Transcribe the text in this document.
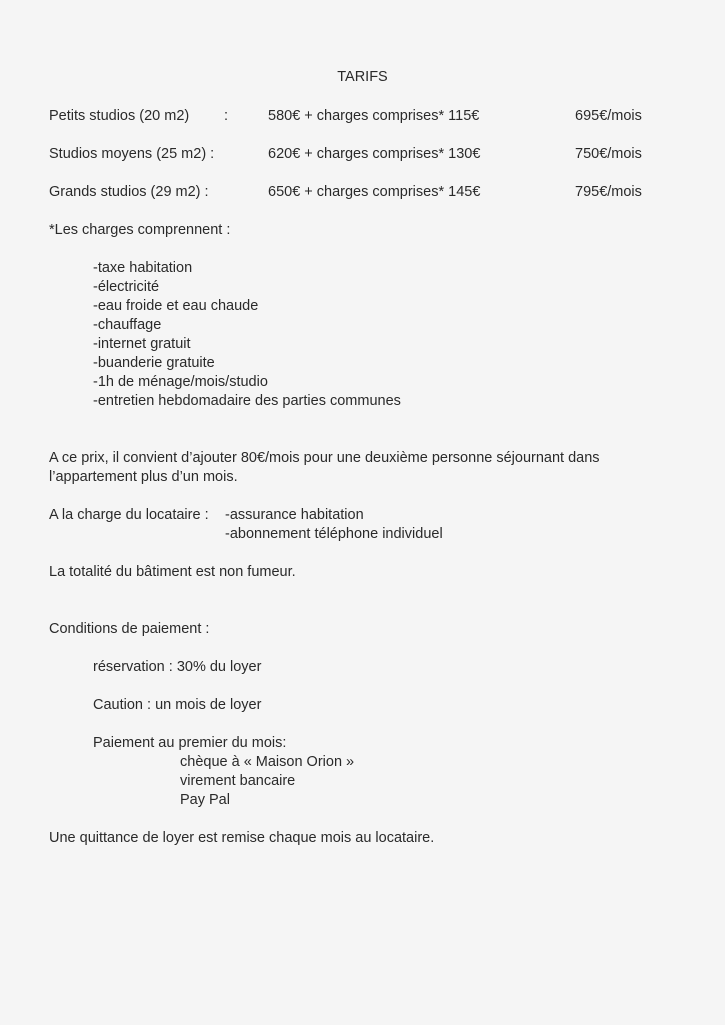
TARIFS
Petits studios (20 m2) :	580€ + charges comprises* 115€	695€/mois
Studios moyens (25 m2) :	620€ + charges comprises* 130€	750€/mois
Grands studios (29 m2) :	650€ + charges comprises* 145€	795€/mois
*Les charges comprennent :
-taxe habitation
-électricité
-eau froide et eau chaude
-chauffage
-internet gratuit
-buanderie gratuite
-1h de ménage/mois/studio
-entretien hebdomadaire des parties communes
A ce prix, il convient d’ajouter 80€/mois pour une deuxième personne séjournant dans
l’appartement plus d’un mois.
A la charge du locataire : -assurance habitation
-abonnement téléphone individuel
La totalité du bâtiment est non fumeur.
Conditions de paiement :
réservation : 30% du loyer
Caution : un mois de loyer
Paiement au premier du mois:
chèque à « Maison Orion »
virement bancaire
Pay Pal
Une quittance de loyer est remise chaque mois au locataire.
